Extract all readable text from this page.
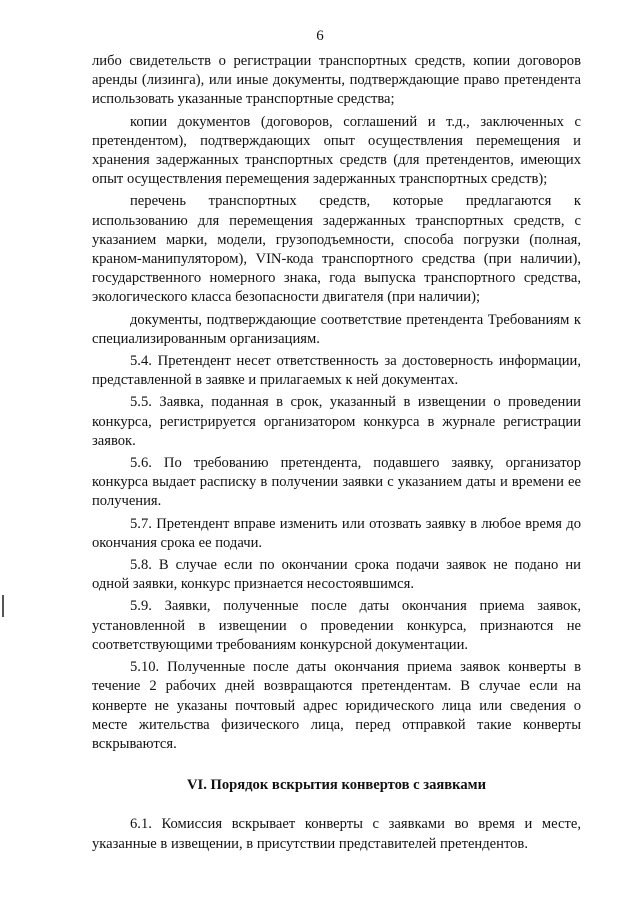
6

либо свидетельств о регистрации транспортных средств, копии договоров аренды (лизинга), или иные документы, подтверждающие право претендента использовать указанные транспортные средства;

копии документов (договоров, соглашений и т.д., заключенных с претендентом), подтверждающих опыт осуществления перемещения и хранения задержанных транспортных средств (для претендентов, имеющих опыт осуществления перемещения задержанных транспортных средств);

перечень транспортных средств, которые предлагаются к использованию для перемещения задержанных транспортных средств, с указанием марки, модели, грузоподъемности, способа погрузки (полная, краном-манипулятором), VIN-кода транспортного средства (при наличии), государственного номерного знака, года выпуска транспортного средства, экологического класса безопасности двигателя (при наличии);

документы, подтверждающие соответствие претендента Требованиям к специализированным организациям.

5.4. Претендент несет ответственность за достоверность информации, представленной в заявке и прилагаемых к ней документах.

5.5. Заявка, поданная в срок, указанный в извещении о проведении конкурса, регистрируется организатором конкурса в журнале регистрации заявок.

5.6. По требованию претендента, подавшего заявку, организатор конкурса выдает расписку в получении заявки с указанием даты и времени ее получения.

5.7. Претендент вправе изменить или отозвать заявку в любое время до окончания срока ее подачи.

5.8. В случае если по окончании срока подачи заявок не подано ни одной заявки, конкурс признается несостоявшимся.

5.9. Заявки, полученные после даты окончания приема заявок, установленной в извещении о проведении конкурса, признаются не соответствующими требованиям конкурсной документации.

5.10. Полученные после даты окончания приема заявок конверты в течение 2 рабочих дней возвращаются претендентам. В случае если на конверте не указаны почтовый адрес юридического лица или сведения о месте жительства физического лица, перед отправкой такие конверты вскрываются.

VI. Порядок вскрытия конвертов с заявками

6.1. Комиссия вскрывает конверты с заявками во время и месте, указанные в извещении, в присутствии представителей претендентов.
